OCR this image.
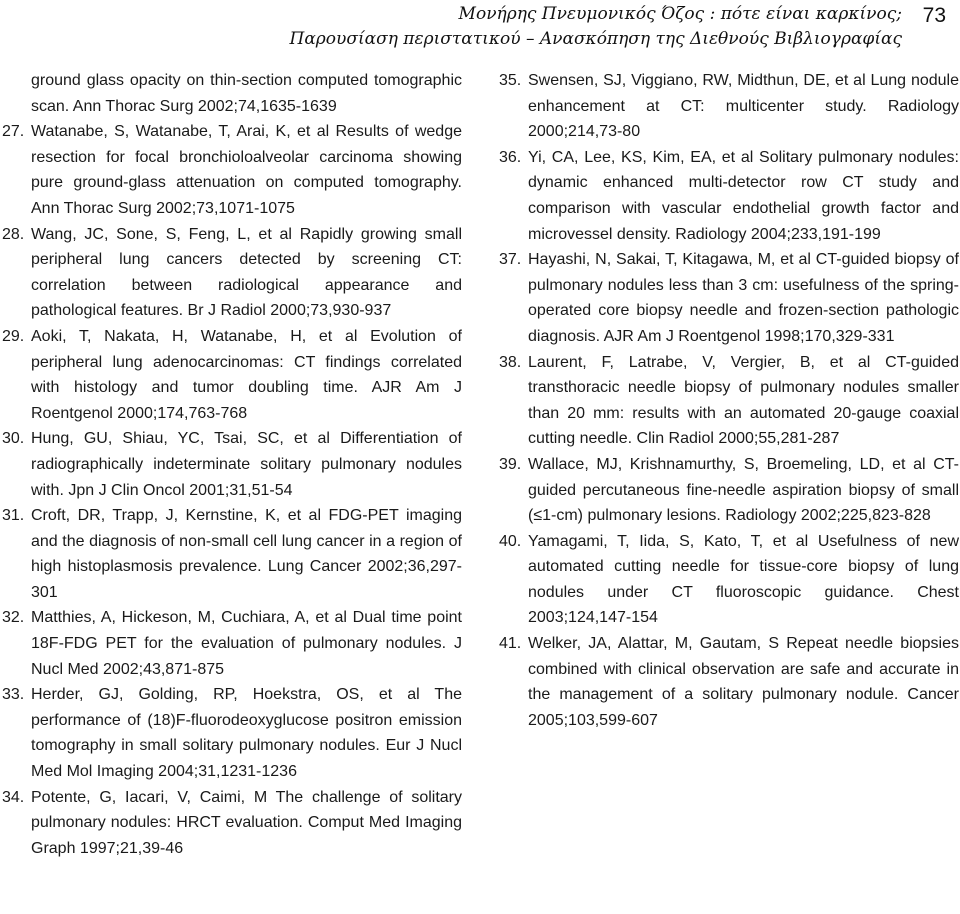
Μονήρης Πνευμονικός Όζος : πότε είναι καρκίνος;
Παρουσίαση περιστατικού – Ανασκόπηση της Διεθνούς Βιβλιογραφίας
73
ground glass opacity on thin-section computed tomographic scan. Ann Thorac Surg 2002;74,1635-1639
27. Watanabe, S, Watanabe, T, Arai, K, et al Results of wedge resection for focal bronchioloalveolar carcinoma showing pure ground-glass attenuation on computed tomography. Ann Thorac Surg 2002;73,1071-1075
28. Wang, JC, Sone, S, Feng, L, et al Rapidly growing small peripheral lung cancers detected by screening CT: correlation between radiological appearance and pathological features. Br J Radiol 2000;73,930-937
29. Aoki, T, Nakata, H, Watanabe, H, et al Evolution of peripheral lung adenocarcinomas: CT findings correlated with histology and tumor doubling time. AJR Am J Roentgenol 2000;174,763-768
30. Hung, GU, Shiau, YC, Tsai, SC, et al Differentiation of radiographically indeterminate solitary pulmonary nodules with. Jpn J Clin Oncol 2001;31,51-54
31. Croft, DR, Trapp, J, Kernstine, K, et al FDG-PET imaging and the diagnosis of non-small cell lung cancer in a region of high histoplasmosis prevalence. Lung Cancer 2002;36,297-301
32. Matthies, A, Hickeson, M, Cuchiara, A, et al Dual time point 18F-FDG PET for the evaluation of pulmonary nodules. J Nucl Med 2002;43,871-875
33. Herder, GJ, Golding, RP, Hoekstra, OS, et al The performance of (18)F-fluorodeoxyglucose positron emission tomography in small solitary pulmonary nodules. Eur J Nucl Med Mol Imaging 2004;31,1231-1236
34. Potente, G, Iacari, V, Caimi, M The challenge of solitary pulmonary nodules: HRCT evaluation. Comput Med Imaging Graph 1997;21,39-46
35. Swensen, SJ, Viggiano, RW, Midthun, DE, et al Lung nodule enhancement at CT: multicenter study. Radiology 2000;214,73-80
36. Yi, CA, Lee, KS, Kim, EA, et al Solitary pulmonary nodules: dynamic enhanced multi-detector row CT study and comparison with vascular endothelial growth factor and microvessel density. Radiology 2004;233,191-199
37. Hayashi, N, Sakai, T, Kitagawa, M, et al CT-guided biopsy of pulmonary nodules less than 3 cm: usefulness of the spring-operated core biopsy needle and frozen-section pathologic diagnosis. AJR Am J Roentgenol 1998;170,329-331
38. Laurent, F, Latrabe, V, Vergier, B, et al CT-guided transthoracic needle biopsy of pulmonary nodules smaller than 20 mm: results with an automated 20-gauge coaxial cutting needle. Clin Radiol 2000;55,281-287
39. Wallace, MJ, Krishnamurthy, S, Broemeling, LD, et al CT-guided percutaneous fine-needle aspiration biopsy of small (≤1-cm) pulmonary lesions. Radiology 2002;225,823-828
40. Yamagami, T, Iida, S, Kato, T, et al Usefulness of new automated cutting needle for tissue-core biopsy of lung nodules under CT fluoroscopic guidance. Chest 2003;124,147-154
41. Welker, JA, Alattar, M, Gautam, S Repeat needle biopsies combined with clinical observation are safe and accurate in the management of a solitary pulmonary nodule. Cancer 2005;103,599-607
